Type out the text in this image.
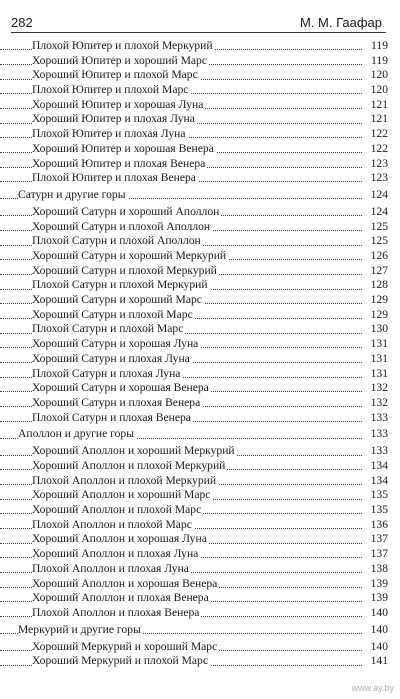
282	М. М. Гаафар
Плохой Юпитер и плохой Меркурий	119
Хороший Юпитер и хороший Марс	119
Хороший Юпитер и плохой Марс	120
Плохой Юпитер и плохой Марс	120
Хороший Юпитер и хорошая Луна	121
Хороший Юпитер и плохая Луна	121
Плохой Юпитер и плохая Луна	122
Хороший Юпитер и хорошая Венера	122
Хороший Юпитер и плохая Венера	123
Плохой Юпитер и плохая Венера	123
Сатурн и другие горы	124
Хороший Сатурн и хороший Аполлон	124
Хороший Сатурн и плохой Аполлон	125
Плохой Сатурн и плохой Аполлон	125
Хороший Сатурн и хороший Меркурий	126
Хороший Сатурн и плохой Меркурий	127
Плохой Сатурн и плохой Меркурий	128
Хороший Сатурн и хороший Марс	129
Хороший Сатурн и плохой Марс	129
Плохой Сатурн и плохой Марс	130
Хороший Сатурн и хорошая Луна	131
Хороший Сатурн и плохая Луна	131
Плохой Сатурн и плохая Луна	131
Хороший Сатурн и хорошая Венера	132
Хороший Сатурн и плохая Венера	132
Плохой Сатурн и плохая Венера	133
Аполлон и другие горы	133
Хороший Аполлон и хороший Меркурий	133
Хороший Аполлон и плохой Меркурий	134
Плохой Аполлон и плохой Меркурий	134
Хороший Аполлон и хороший Марс	135
Хороший Аполлон и плохой Марс	135
Плохой Аполлон и плохой Марс	136
Хороший Аполлон и хорошая Луна	137
Хороший Аполлон и плохая Луна	137
Плохой Аполлон и плохая Луна	138
Хороший Аполлон и хорошая Венера	139
Хороший Аполлон и плохая Венера	139
Плохой Аполлон и плохая Венера	140
Меркурий и другие горы	140
Хороший Меркурий и хороший Марс	140
Хороший Меркурий и плохой Марс	141
www.ay.by
